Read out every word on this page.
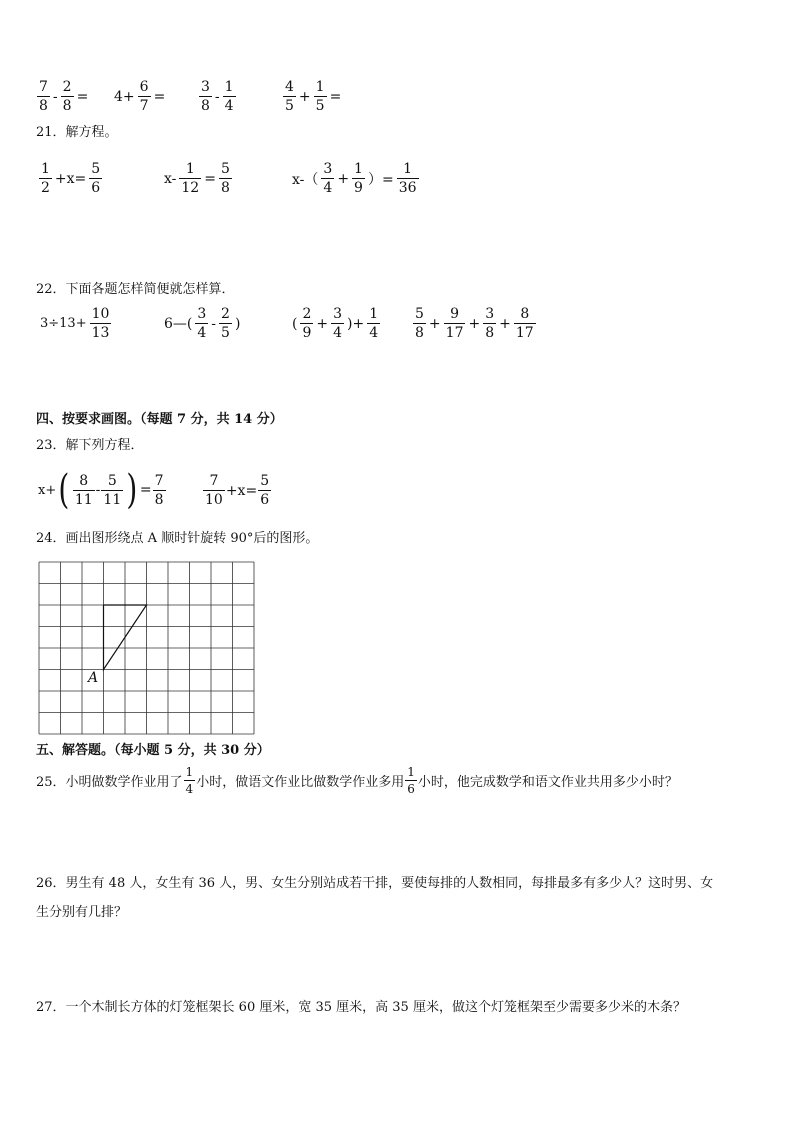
$\frac{7}{8} - \frac{2}{8} = 4+ \frac{6}{7} = \frac{3}{8} - \frac{1}{4}$	$\frac{4}{5} + \frac{1}{5}$ =
21．解方程。
$\frac{1}{2} +x= \frac{5}{6}$	$x- \frac{1}{12} = \frac{5}{8}$	$x-( \frac{3}{4} + \frac{1}{9}$ ）= $\frac{1}{36}$
22．下面各题怎样简便就怎样算．
$3\div 13+ \frac{10}{13}$	6—( $\frac{3}{4} - \frac{2}{5}$ )	( $\frac{2}{9} + \frac{3}{4}$ )+ $\frac{1}{4} \frac{5}{8} + \frac{9}{17} + \frac{3}{8} + \frac{8}{17}$
四、按要求画图。（每题 7 分，共 14 分）
23．解下列方程．
x+ ( $\frac{8}{11} - \frac{5}{11}$ ) = $\frac{7}{8}$	$\frac{7}{10} +x= \frac{5}{6}$
24．画出图形绕点 A 顺时针旋转 90°后的图形。
A
五、解答题。（每小题 5 分，共 30 分）
25．小明做数学作业用了 $\frac{1}{4}$ 小时，做语文作业比做数学作业多用 $\frac{1}{6}$ 小时，他完成数学和语文作业共用多少小时？
26．男生有 48 人，女生有 36 人，男、女生分别站成若干排，要使每排的人数相同，每排最多有多少人？这时男、女
生分别有几排？
27．一个木制长方体的灯笼框架长 60 厘米，宽 35 厘米，高 35 厘米，做这个灯笼框架至少需要多少米的木条？
